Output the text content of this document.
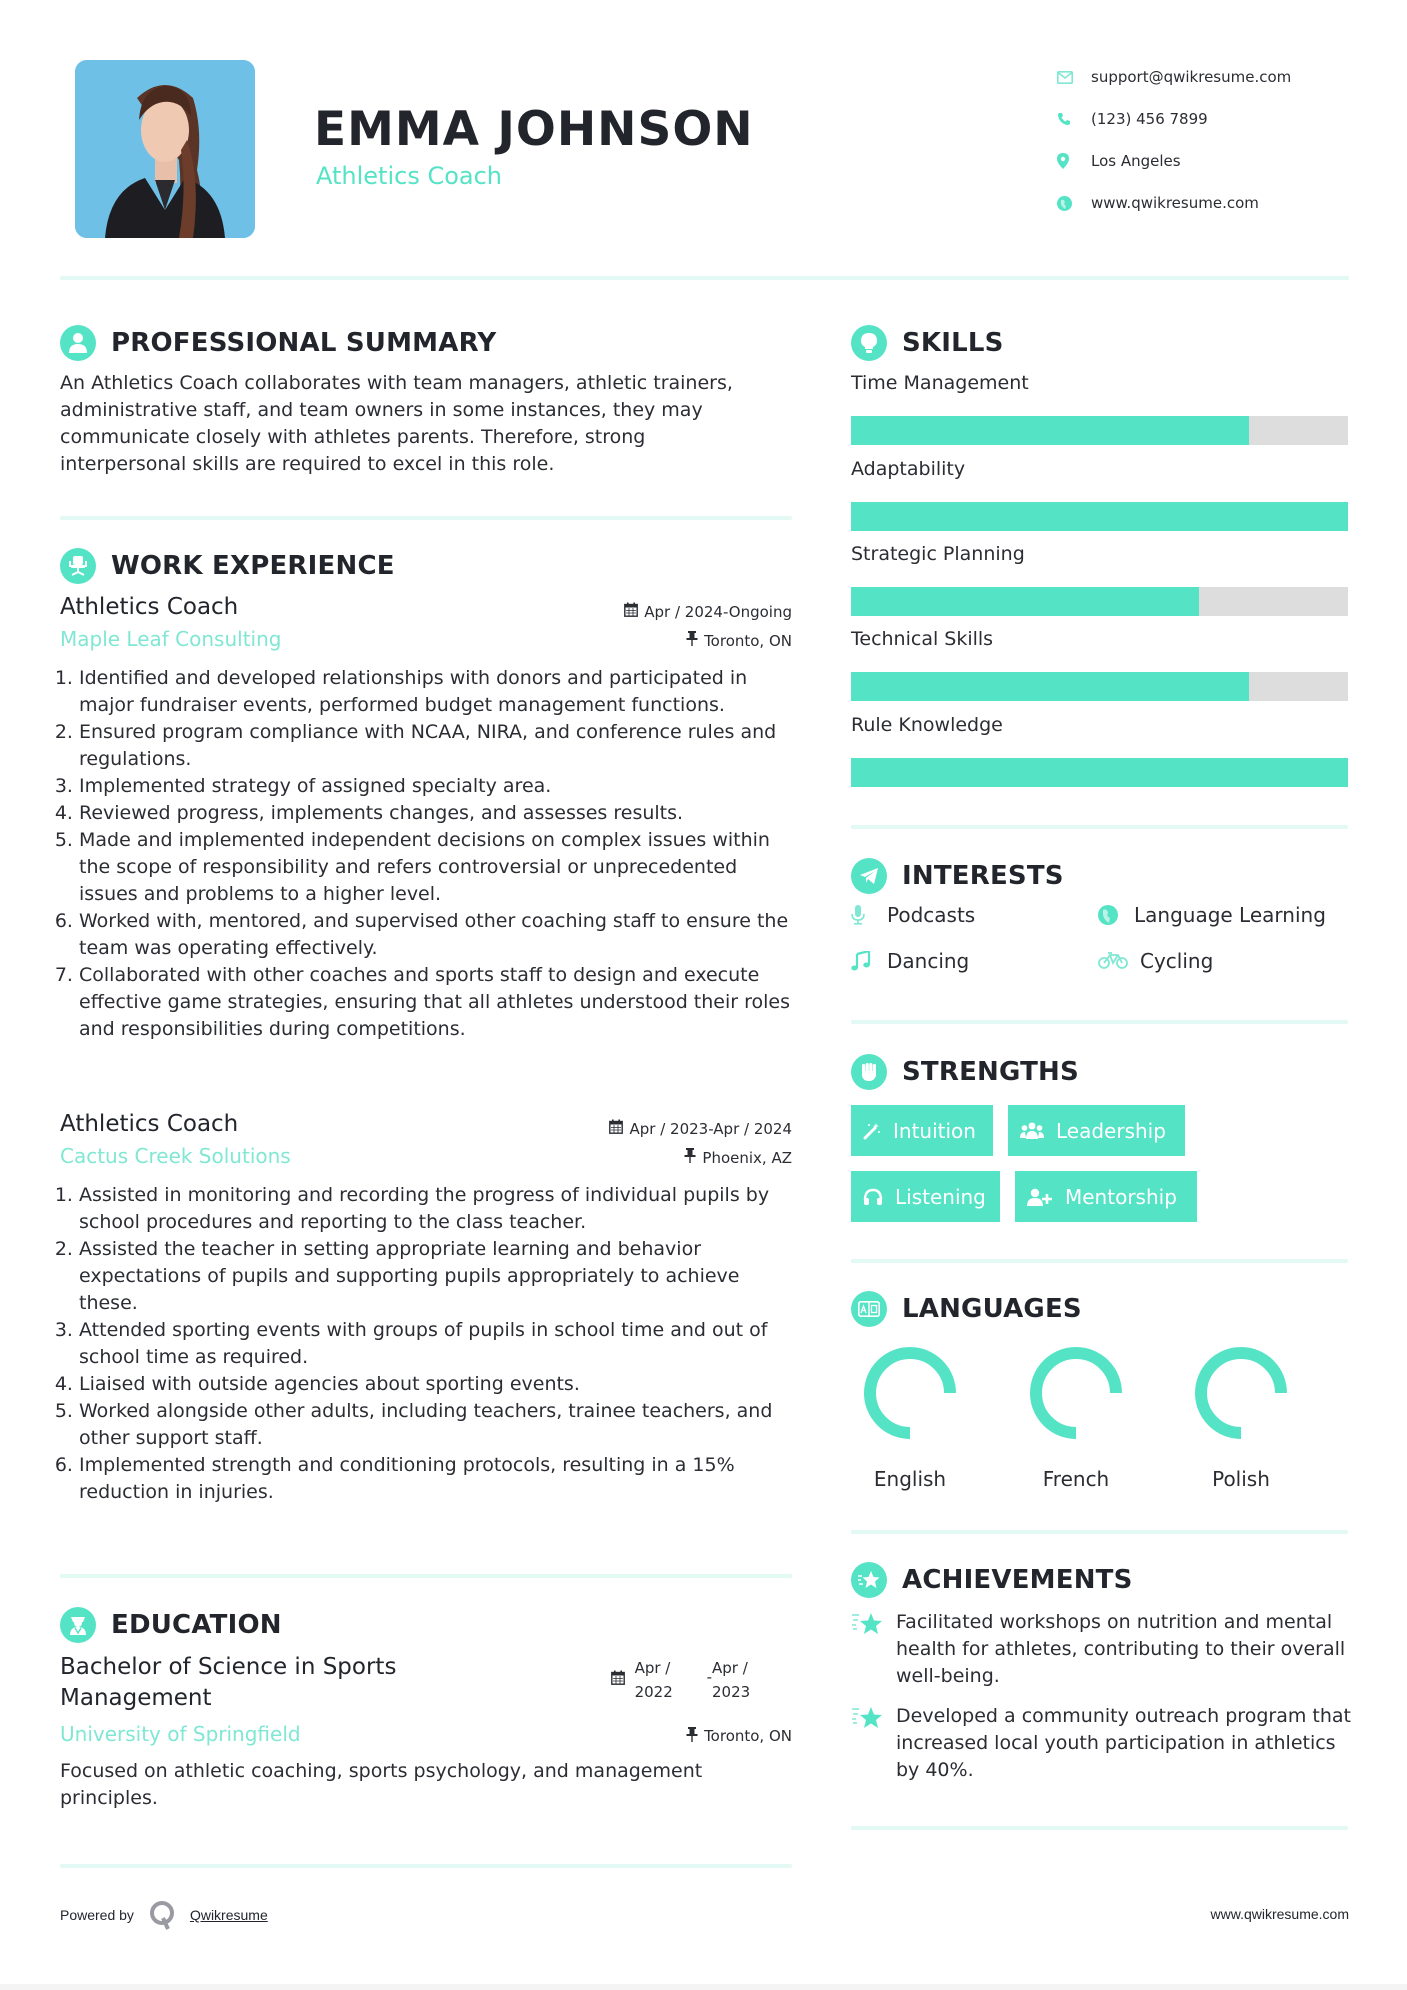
EMMA JOHNSON
Athletics Coach
support@qwikresume.com
(123) 456 7899
Los Angeles
www.qwikresume.com
PROFESSIONAL SUMMARY

An Athletics Coach collaborates with team managers, athletic trainers, administrative staff, and team owners in some instances, they may communicate closely with athletes parents. Therefore, strong interpersonal skills are required to excel in this role.

WORK EXPERIENCE
Athletics Coach	Apr / 2024-Ongoing
Maple Leaf Consulting	Toronto, ON
1. Identified and developed relationships with donors and participated in major fundraiser events, performed budget management functions.
2. Ensured program compliance with NCAA, NIRA, and conference rules and regulations.
3. Implemented strategy of assigned specialty area.
4. Reviewed progress, implements changes, and assesses results.
5. Made and implemented independent decisions on complex issues within the scope of responsibility and refers controversial or unprecedented issues and problems to a higher level.
6. Worked with, mentored, and supervised other coaching staff to ensure the team was operating effectively.
7. Collaborated with other coaches and sports staff to design and execute effective game strategies, ensuring that all athletes understood their roles and responsibilities during competitions.
Athletics Coach	Apr / 2023-Apr / 2024
Cactus Creek Solutions	Phoenix, AZ
1. Assisted in monitoring and recording the progress of individual pupils by school procedures and reporting to the class teacher.
2. Assisted the teacher in setting appropriate learning and behavior expectations of pupils and supporting pupils appropriately to achieve these.
3. Attended sporting events with groups of pupils in school time and out of school time as required.
4. Liaised with outside agencies about sporting events.
5. Worked alongside other adults, including teachers, trainee teachers, and other support staff.
6. Implemented strength and conditioning protocols, resulting in a 15% reduction in injuries.
EDUCATION
Bachelor of Science in Sports Management
Apr /
2022
- Apr /
2023
University of Springfield	Toronto, ON

Focused on athletic coaching, sports psychology, and management principles.

SKILLS
Time Management
Adaptability
Strategic Planning
Technical Skills
Rule Knowledge
INTERESTS
Podcasts	Language Learning
Dancing	Cycling
STRENGTHS
Intuition	Leadership
Listening	Mentorship
LANGUAGES
English	French	Polish
ACHIEVEMENTS
Facilitated workshops on nutrition and mental health for athletes, contributing to their overall well-being.
Developed a community outreach program that increased local youth participation in athletics by 40%.
Powered by	Qwikresume	www.qwikresume.com
